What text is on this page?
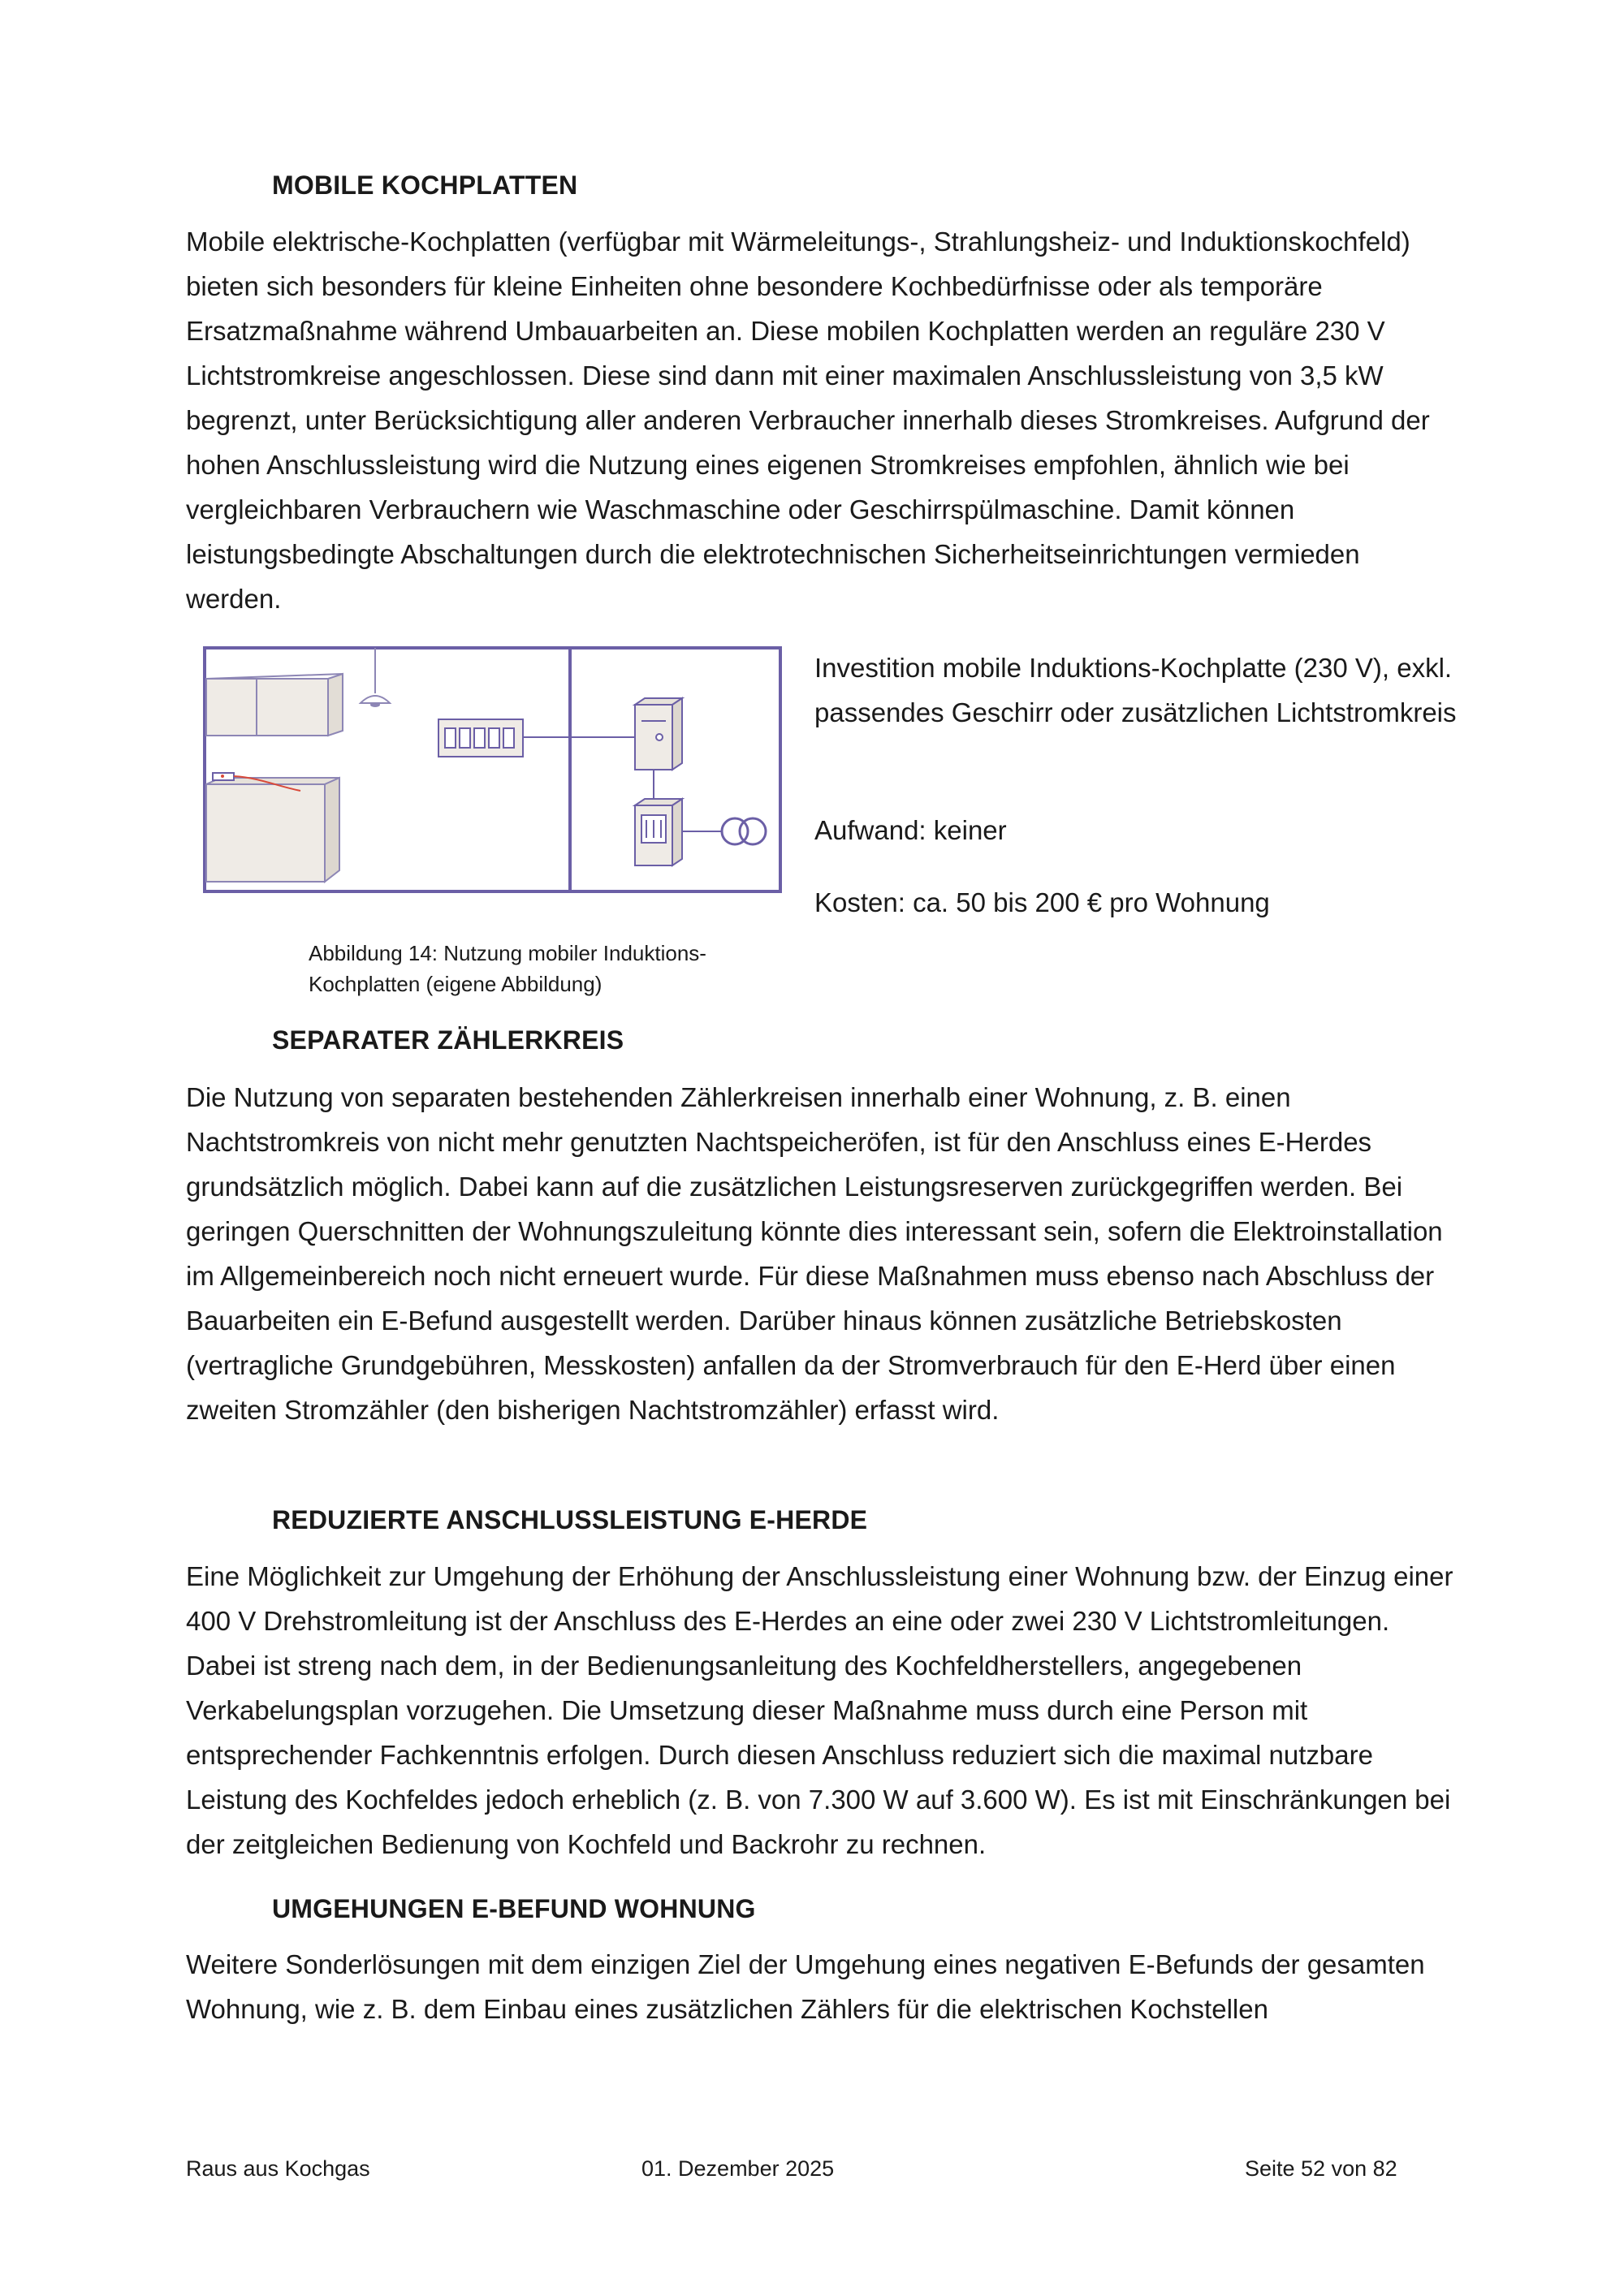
MOBILE KOCHPLATTEN

Mobile elektrische-Kochplatten (verfügbar mit Wärmeleitungs-, Strahlungsheiz- und Induktionskochfeld) bieten sich besonders für kleine Einheiten ohne besondere Kochbedürfnisse oder als temporäre Ersatzmaßnahme während Umbauarbeiten an. Diese mobilen Kochplatten werden an reguläre 230 V Lichtstromkreise angeschlossen. Diese sind dann mit einer maximalen Anschlussleistung von 3,5 kW begrenzt, unter Berücksichtigung aller anderen Verbraucher innerhalb dieses Stromkreises. Aufgrund der hohen Anschlussleistung wird die Nutzung eines eigenen Stromkreises empfohlen, ähnlich wie bei vergleichbaren Verbrauchern wie Waschmaschine oder Geschirrspülmaschine. Damit können leistungsbedingte Abschaltungen durch die elektrotechnischen Sicherheitseinrichtungen vermieden werden.

Investition mobile Induktions-Kochplatte (230 V), exkl. passendes Geschirr oder zusätzlichen Lichtstromkreis

Aufwand: keiner

Kosten: ca. 50 bis 200 € pro Wohnung

Abbildung 14: Nutzung mobiler Induktions-Kochplatten (eigene Abbildung)

SEPARATER ZÄHLERKREIS

Die Nutzung von separaten bestehenden Zählerkreisen innerhalb einer Wohnung, z. B. einen Nachtstromkreis von nicht mehr genutzten Nachtspeicheröfen, ist für den Anschluss eines E-Herdes grundsätzlich möglich. Dabei kann auf die zusätzlichen Leistungsreserven zurückgegriffen werden. Bei geringen Querschnitten der Wohnungszuleitung könnte dies interessant sein, sofern die Elektroinstallation im Allgemeinbereich noch nicht erneuert wurde. Für diese Maßnahmen muss ebenso nach Abschluss der Bauarbeiten ein E-Befund ausgestellt werden. Darüber hinaus können zusätzliche Betriebskosten (vertragliche Grundgebühren, Messkosten) anfallen da der Stromverbrauch für den E-Herd über einen zweiten Stromzähler (den bisherigen Nachtstromzähler) erfasst wird.

REDUZIERTE ANSCHLUSSLEISTUNG E-HERDE

Eine Möglichkeit zur Umgehung der Erhöhung der Anschlussleistung einer Wohnung bzw. der Einzug einer 400 V Drehstromleitung ist der Anschluss des E-Herdes an eine oder zwei 230 V Lichtstromleitungen. Dabei ist streng nach dem, in der Bedienungsanleitung des Kochfeldherstellers, angegebenen Verkabelungsplan vorzugehen. Die Umsetzung dieser Maßnahme muss durch eine Person mit entsprechender Fachkenntnis erfolgen. Durch diesen Anschluss reduziert sich die maximal nutzbare Leistung des Kochfeldes jedoch erheblich (z. B. von 7.300 W auf 3.600 W). Es ist mit Einschränkungen bei der zeitgleichen Bedienung von Kochfeld und Backrohr zu rechnen.

UMGEHUNGEN E-BEFUND WOHNUNG

Weitere Sonderlösungen mit dem einzigen Ziel der Umgehung eines negativen E-Befunds der gesamten Wohnung, wie z. B. dem Einbau eines zusätzlichen Zählers für die elektrischen Kochstellen

Raus aus Kochgas	01. Dezember 2025	Seite 52 von 82
